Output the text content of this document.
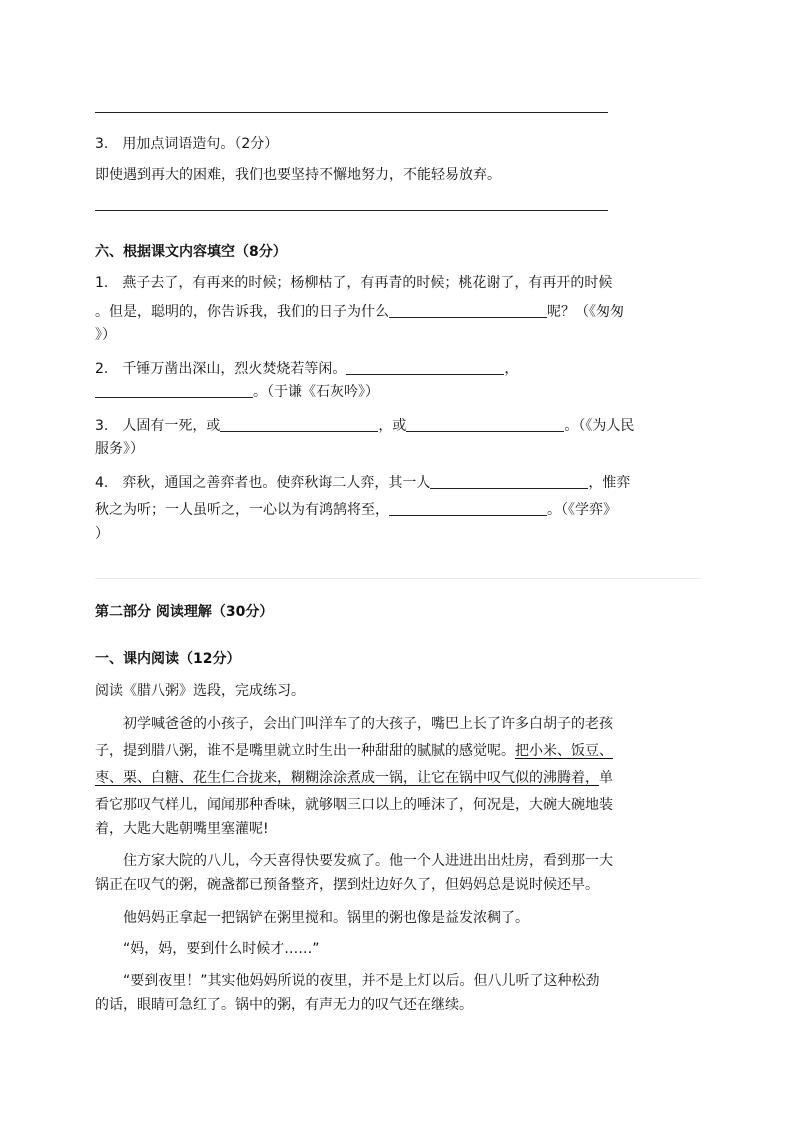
3.　用加点词语造句。（2分）
即使遇到再大的困难，我们也要坚持不懈地努力，不能轻易放弃。
六、根据课文内容填空（8分）
1.　燕子去了，有再来的时候；杨柳枯了，有再青的时候；桃花谢了，有再开的时候
。但是，聪明的，你告诉我，我们的日子为什么	呢？（《匆匆
》）
2.　千锤万凿出深山，烈火焚烧若等闲。	，
。（于谦《石灰吟》）
3.　人固有一死，或	，或	。（《为人民
服务》）
4.　弈秋，通国之善弈者也。使弈秋诲二人弈，其一人	，惟弈
秋之为听；一人虽听之，一心以为有鸿鹄将至，	。（《学弈》
）
第二部分 阅读理解（30分）
一、课内阅读（12分）
阅读《腊八粥》选段，完成练习。
　　初学喊爸爸的小孩子，会出门叫洋车了的大孩子，嘴巴上长了许多白胡子的老孩
子，提到腊八粥，谁不是嘴里就立时生出一种甜甜的腻腻的感觉呢。把小米、饭豆、
枣、栗、白糖、花生仁合拢来，糊糊涂涂煮成一锅，让它在锅中叹气似的沸腾着，单
看它那叹气样儿，闻闻那种香味，就够咽三口以上的唾沫了，何况是，大碗大碗地装
着，大匙大匙朝嘴里塞灌呢!
　　住方家大院的八儿，今天喜得快要发疯了。他一个人进进出出灶房，看到那一大
锅正在叹气的粥，碗盏都已预备整齐，摆到灶边好久了，但妈妈总是说时候还早。
　　他妈妈正拿起一把锅铲在粥里搅和。锅里的粥也像是益发浓稠了。
　　“妈，妈，要到什么时候才……”
　　“要到夜里！”其实他妈妈所说的夜里，并不是上灯以后。但八儿听了这种松劲
的话，眼睛可急红了。锅中的粥，有声无力的叹气还在继续。
